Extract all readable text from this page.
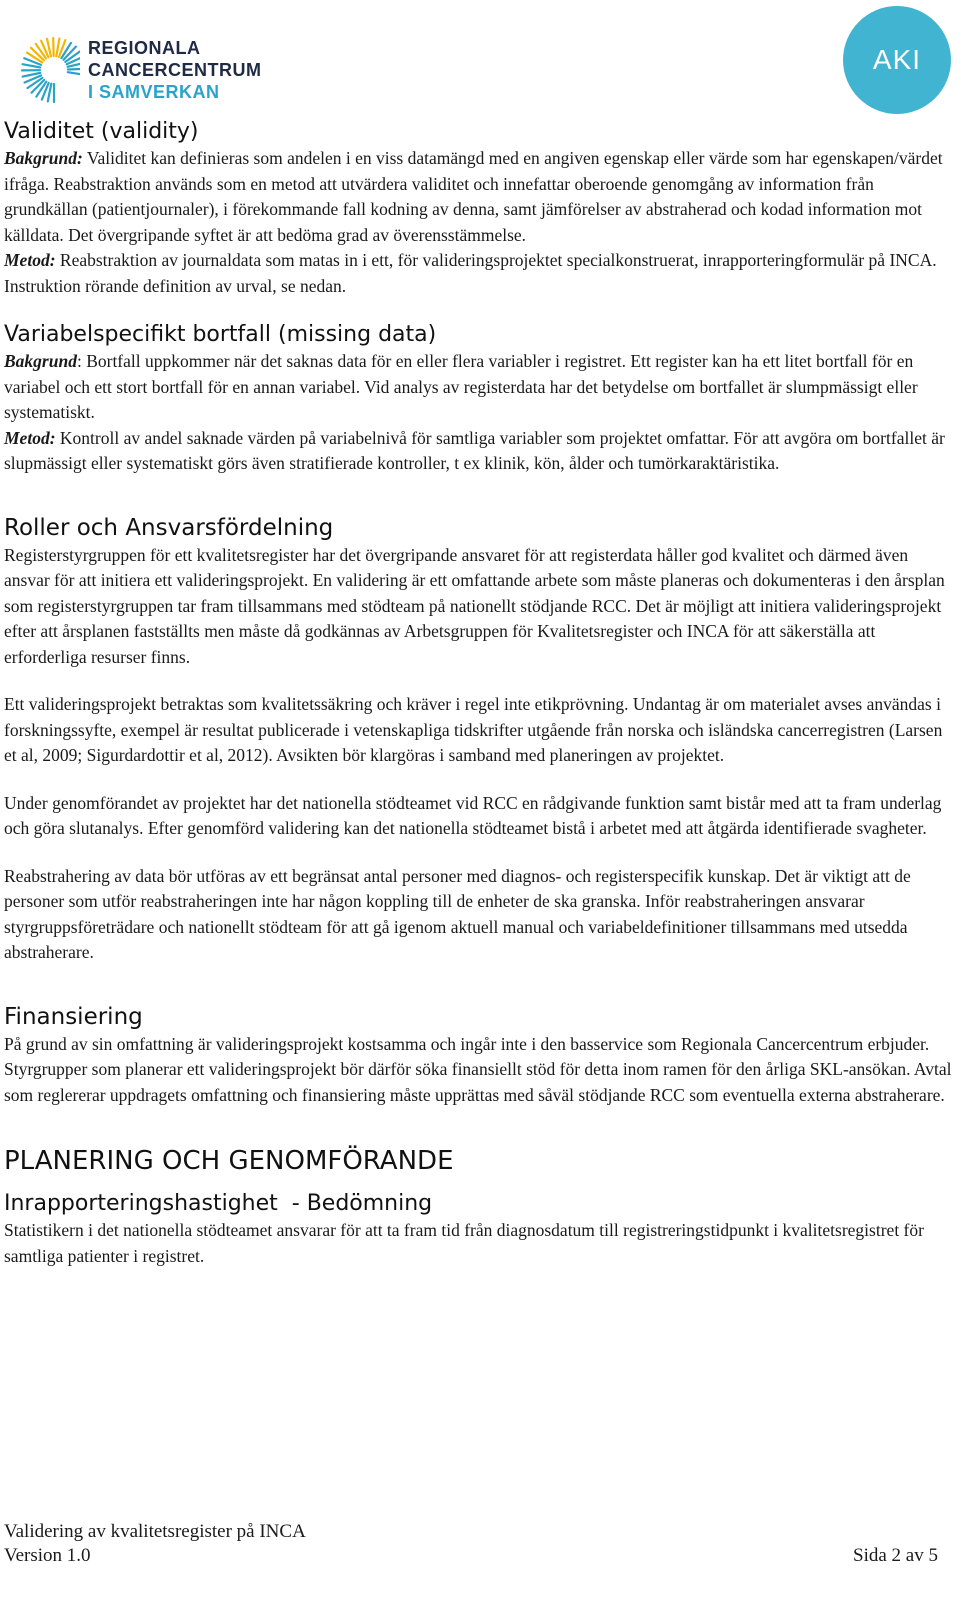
REGIONALA
CANCERCENTRUM
I SAMVERKAN
AKI
Validitet (validity)

Bakgrund: Validitet kan definieras som andelen i en viss datamängd med en angiven egenskap eller värde som har egenskapen/värdet ifråga. Reabstraktion används som en metod att utvärdera validitet och innefattar oberoende genomgång av information från grundkällan (patientjournaler), i förekommande fall kodning av denna, samt jämförelser av abstraherad och kodad information mot källdata. Det övergripande syftet är att bedöma grad av överensstämmelse.

Metod: Reabstraktion av journaldata som matas in i ett, för valideringsprojektet specialkonstruerat, inrapporteringformulär på INCA. Instruktion rörande definition av urval, se nedan.

Variabelspecifikt bortfall (missing data)

Bakgrund: Bortfall uppkommer när det saknas data för en eller flera variabler i registret. Ett register kan ha ett litet bortfall för en variabel och ett stort bortfall för en annan variabel. Vid analys av registerdata har det betydelse om bortfallet är slumpmässigt eller systematiskt.

Metod: Kontroll av andel saknade värden på variabelnivå för samtliga variabler som projektet omfattar. För att avgöra om bortfallet är slupmässigt eller systematiskt görs även stratifierade kontroller, t ex klinik, kön, ålder och tumörkaraktäristika.

Roller och Ansvarsfördelning

Registerstyrgruppen för ett kvalitetsregister har det övergripande ansvaret för att registerdata håller god kvalitet och därmed även ansvar för att initiera ett valideringsprojekt. En validering är ett omfattande arbete som måste planeras och dokumenteras i den årsplan som registerstyrgruppen tar fram tillsammans med stödteam på nationellt stödjande RCC. Det är möjligt att initiera valideringsprojekt efter att årsplanen fastställts men måste då godkännas av Arbetsgruppen för Kvalitetsregister och INCA för att säkerställa att erforderliga resurser finns.

Ett valideringsprojekt betraktas som kvalitetssäkring och kräver i regel inte etikprövning. Undantag är om materialet avses användas i forskningssyfte, exempel är resultat publicerade i vetenskapliga tidskrifter utgående från norska och isländska cancerregistren (Larsen et al, 2009; Sigurdardottir et al, 2012). Avsikten bör klargöras i samband med planeringen av projektet.

Under genomförandet av projektet har det nationella stödteamet vid RCC en rådgivande funktion samt bistår med att ta fram underlag och göra slutanalys. Efter genomförd validering kan det nationella stödteamet bistå i arbetet med att åtgärda identifierade svagheter.

Reabstrahering av data bör utföras av ett begränsat antal personer med diagnos- och registerspecifik kunskap. Det är viktigt att de personer som utför reabstraheringen inte har någon koppling till de enheter de ska granska. Inför reabstraheringen ansvarar styrgruppsföreträdare och nationellt stödteam för att gå igenom aktuell manual och variabeldefinitioner tillsammans med utsedda abstraherare.

Finansiering

På grund av sin omfattning är valideringsprojekt kostsamma och ingår inte i den basservice som Regionala Cancercentrum erbjuder. Styrgrupper som planerar ett valideringsprojekt bör därför söka finansiellt stöd för detta inom ramen för den årliga SKL-ansökan. Avtal som reglererar uppdragets omfattning och finansiering måste upprättas med såväl stödjande RCC som eventuella externa abstraherare.

PLANERING OCH GENOMFÖRANDE
Inrapporteringshastighet  - Bedömning

Statistikern i det nationella stödteamet ansvarar för att ta fram tid från diagnosdatum till registreringstidpunkt i kvalitetsregistret för samtliga patienter i registret.

Validering av kvalitetsregister på INCA
Version 1.0	Sida 2 av 5
